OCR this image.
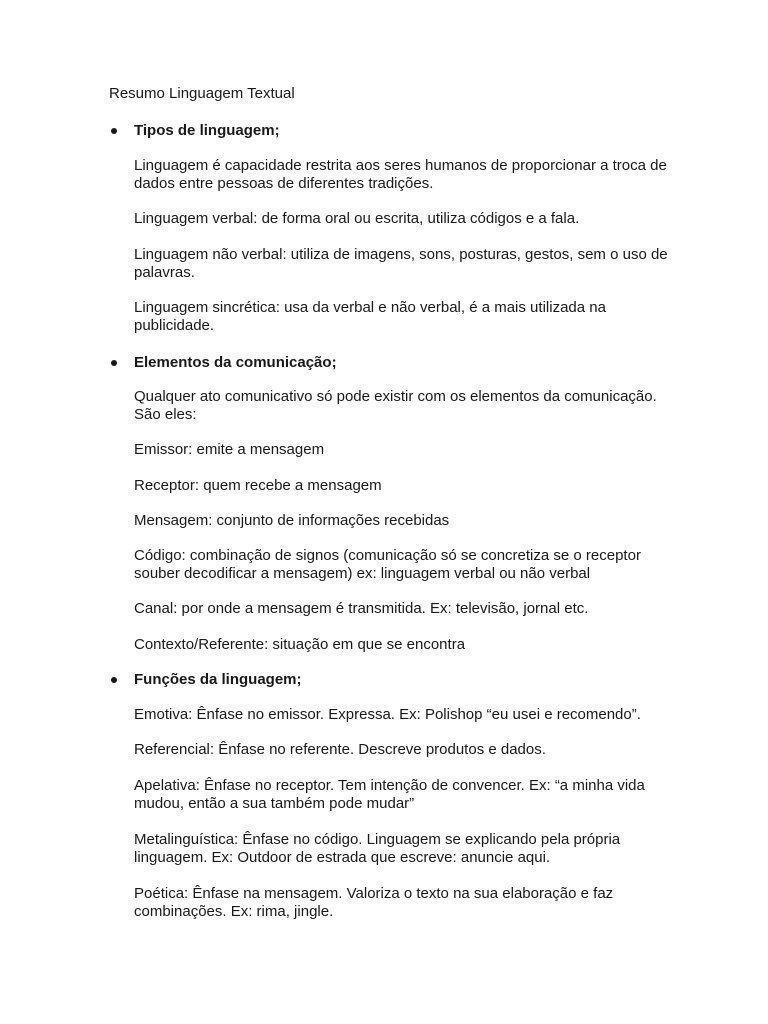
Resumo Linguagem Textual

Tipos de linguagem;

Linguagem é capacidade restrita aos seres humanos de proporcionar a troca de dados entre pessoas de diferentes tradições.

Linguagem verbal: de forma oral ou escrita, utiliza códigos e a fala.

Linguagem não verbal: utiliza de imagens, sons, posturas, gestos, sem o uso de palavras.

Linguagem sincrética: usa da verbal e não verbal, é a mais utilizada na publicidade.

Elementos da comunicação;

Qualquer ato comunicativo só pode existir com os elementos da comunicação. São eles:

Emissor: emite a mensagem

Receptor: quem recebe a mensagem

Mensagem: conjunto de informações recebidas

Código: combinação de signos (comunicação só se concretiza se o receptor souber decodificar a mensagem) ex: linguagem verbal ou não verbal

Canal: por onde a mensagem é transmitida. Ex: televisão, jornal etc.

Contexto/Referente: situação em que se encontra

Funções da linguagem;

Emotiva: Ênfase no emissor. Expressa. Ex: Polishop “eu usei e recomendo”.

Referencial: Ênfase no referente. Descreve produtos e dados.

Apelativa: Ênfase no receptor. Tem intenção de convencer. Ex: “a minha vida mudou, então a sua também pode mudar”

Metalinguística: Ênfase no código. Linguagem se explicando pela própria linguagem. Ex: Outdoor de estrada que escreve: anuncie aqui.

Poética: Ênfase na mensagem. Valoriza o texto na sua elaboração e faz combinações. Ex: rima, jingle.
